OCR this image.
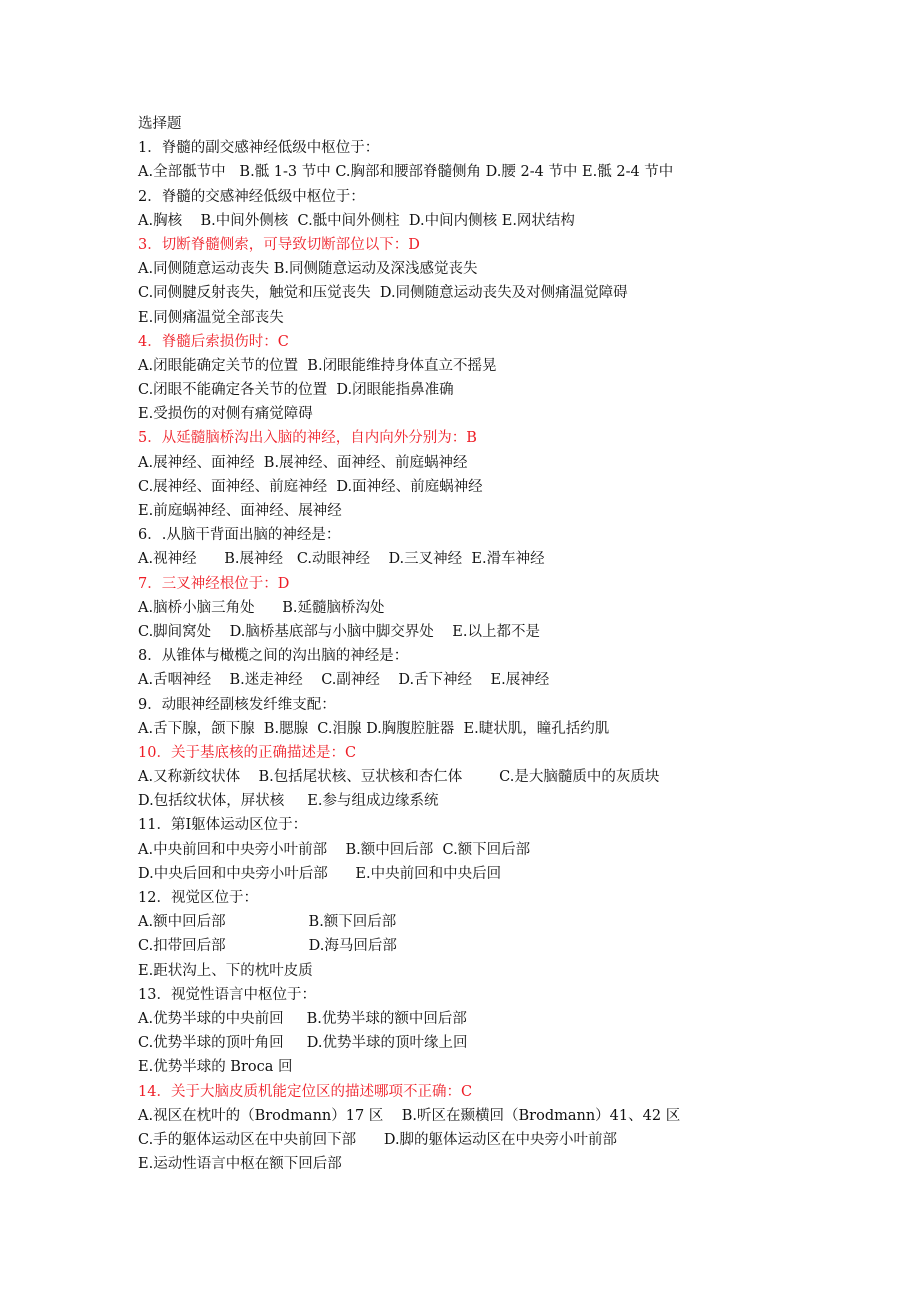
选择题
1．脊髓的副交感神经低级中枢位于：
A.全部骶节中   B.骶 1-3 节中 C.胸部和腰部脊髓侧角 D.腰 2-4 节中 E.骶 2-4 节中
2．脊髓的交感神经低级中枢位于：
A.胸核    B.中间外侧核  C.骶中间外侧柱  D.中间内侧核 E.网状结构
3．切断脊髓侧索，可导致切断部位以下：D
A.同侧随意运动丧失 B.同侧随意运动及深浅感觉丧失
C.同侧腱反射丧失，触觉和压觉丧失  D.同侧随意运动丧失及对侧痛温觉障碍
E.同侧痛温觉全部丧失
4．脊髓后索损伤时：C
A.闭眼能确定关节的位置  B.闭眼能维持身体直立不摇晃
C.闭眼不能确定各关节的位置  D.闭眼能指鼻准确
E.受损伤的对侧有痛觉障碍
5．从延髓脑桥沟出入脑的神经，自内向外分别为：B
A.展神经、面神经  B.展神经、面神经、前庭蜗神经
C.展神经、面神经、前庭神经  D.面神经、前庭蜗神经
E.前庭蜗神经、面神经、展神经
6．.从脑干背面出脑的神经是：
A.视神经      B.展神经   C.动眼神经    D.三叉神经  E.滑车神经
7．三叉神经根位于：D
A.脑桥小脑三角处      B.延髓脑桥沟处
C.脚间窝处    D.脑桥基底部与小脑中脚交界处    E.以上都不是
8．从锥体与橄榄之间的沟出脑的神经是：
A.舌咽神经    B.迷走神经    C.副神经    D.舌下神经    E.展神经
9．动眼神经副核发纤维支配：
A.舌下腺，颌下腺  B.腮腺  C.泪腺 D.胸腹腔脏器  E.睫状肌，瞳孔括约肌
10．关于基底核的正确描述是：C
A.又称新纹状体    B.包括尾状核、豆状核和杏仁体        C.是大脑髓质中的灰质块
D.包括纹状体，屏状核     E.参与组成边缘系统
11．第Ⅰ躯体运动区位于：
A.中央前回和中央旁小叶前部    B.额中回后部  C.额下回后部
D.中央后回和中央旁小叶后部      E.中央前回和中央后回
12．视觉区位于：
A.额中回后部                  B.额下回后部
C.扣带回后部                  D.海马回后部
E.距状沟上、下的枕叶皮质
13．视觉性语言中枢位于：
A.优势半球的中央前回     B.优势半球的额中回后部
C.优势半球的顶叶角回     D.优势半球的顶叶缘上回
E.优势半球的 Broca 回
14．关于大脑皮质机能定位区的描述哪项不正确：C
A.视区在枕叶的（Brodmann）17 区    B.听区在颞横回（Brodmann）41、42 区
C.手的躯体运动区在中央前回下部      D.脚的躯体运动区在中央旁小叶前部
E.运动性语言中枢在额下回后部
